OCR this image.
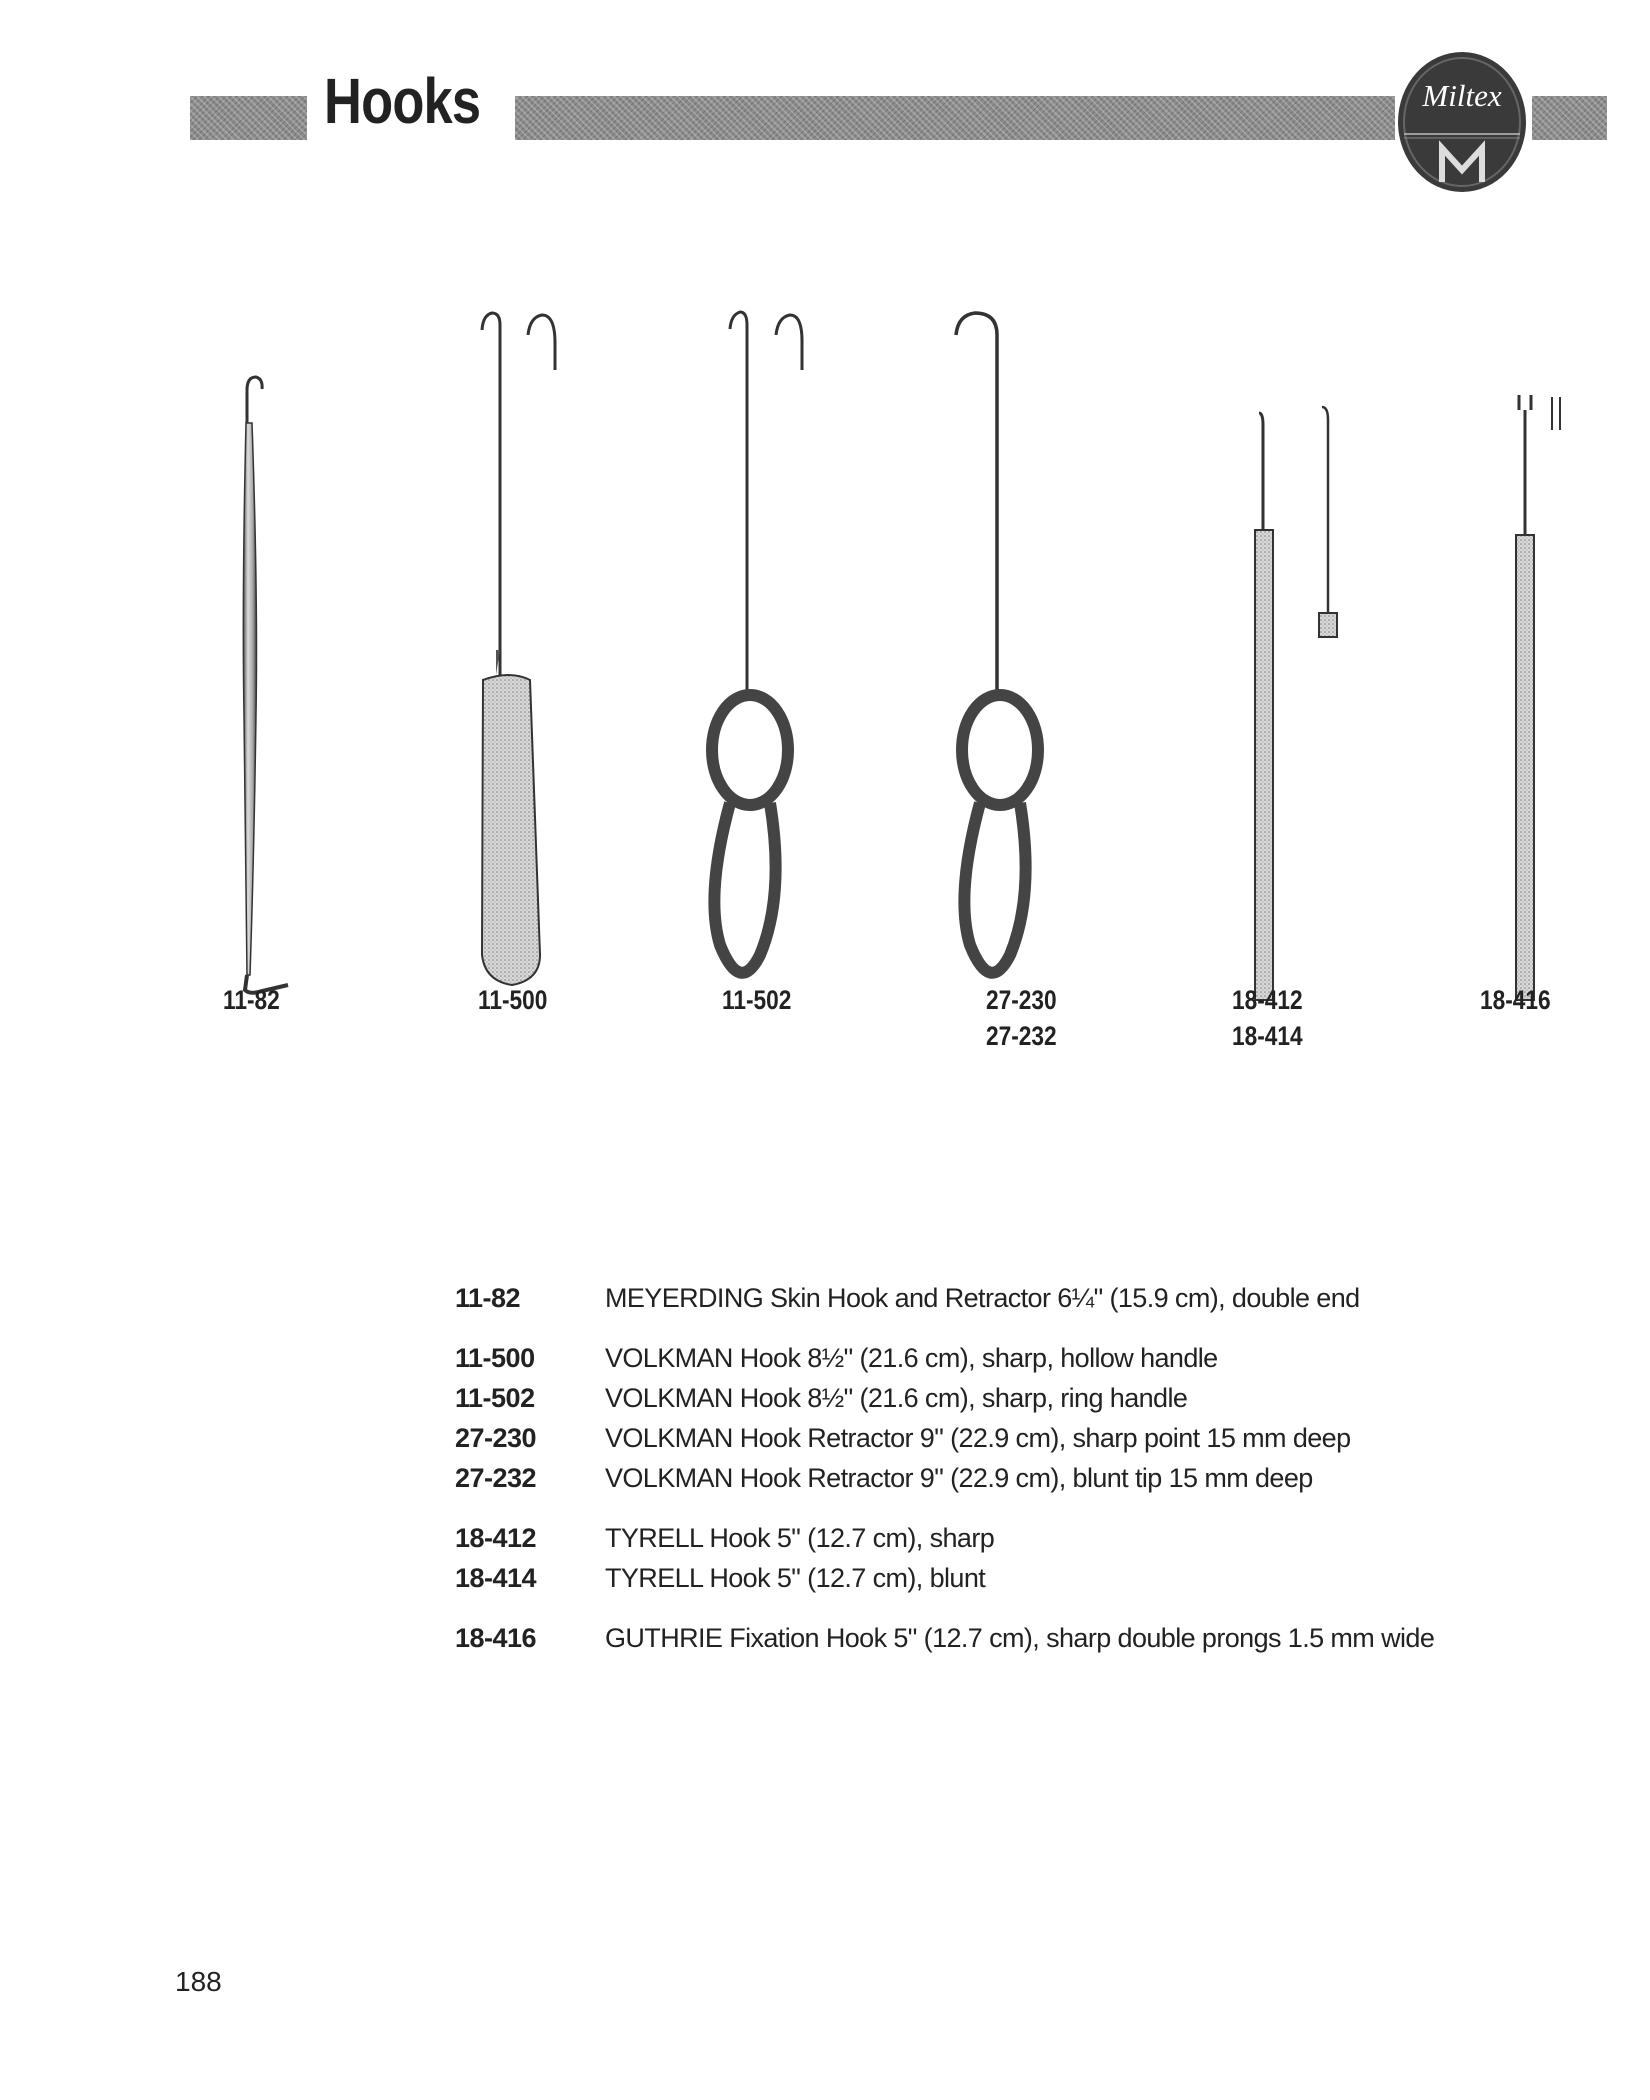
Hooks	Miltex
11-82	11-500	11-502	27-230
27-232
18-412
18-414
18-416
11-82	MEYERDING Skin Hook and Retractor 6¼" (15.9 cm), double end
11-500	VOLKMAN Hook 8½" (21.6 cm), sharp, hollow handle
11-502	VOLKMAN Hook 8½" (21.6 cm), sharp, ring handle
27-230	VOLKMAN Hook Retractor 9" (22.9 cm), sharp point 15 mm deep
27-232	VOLKMAN Hook Retractor 9" (22.9 cm), blunt tip 15 mm deep
18-412	TYRELL Hook 5" (12.7 cm), sharp
18-414	TYRELL Hook 5" (12.7 cm), blunt
18-416	GUTHRIE Fixation Hook 5" (12.7 cm), sharp double prongs 1.5 mm wide
188
